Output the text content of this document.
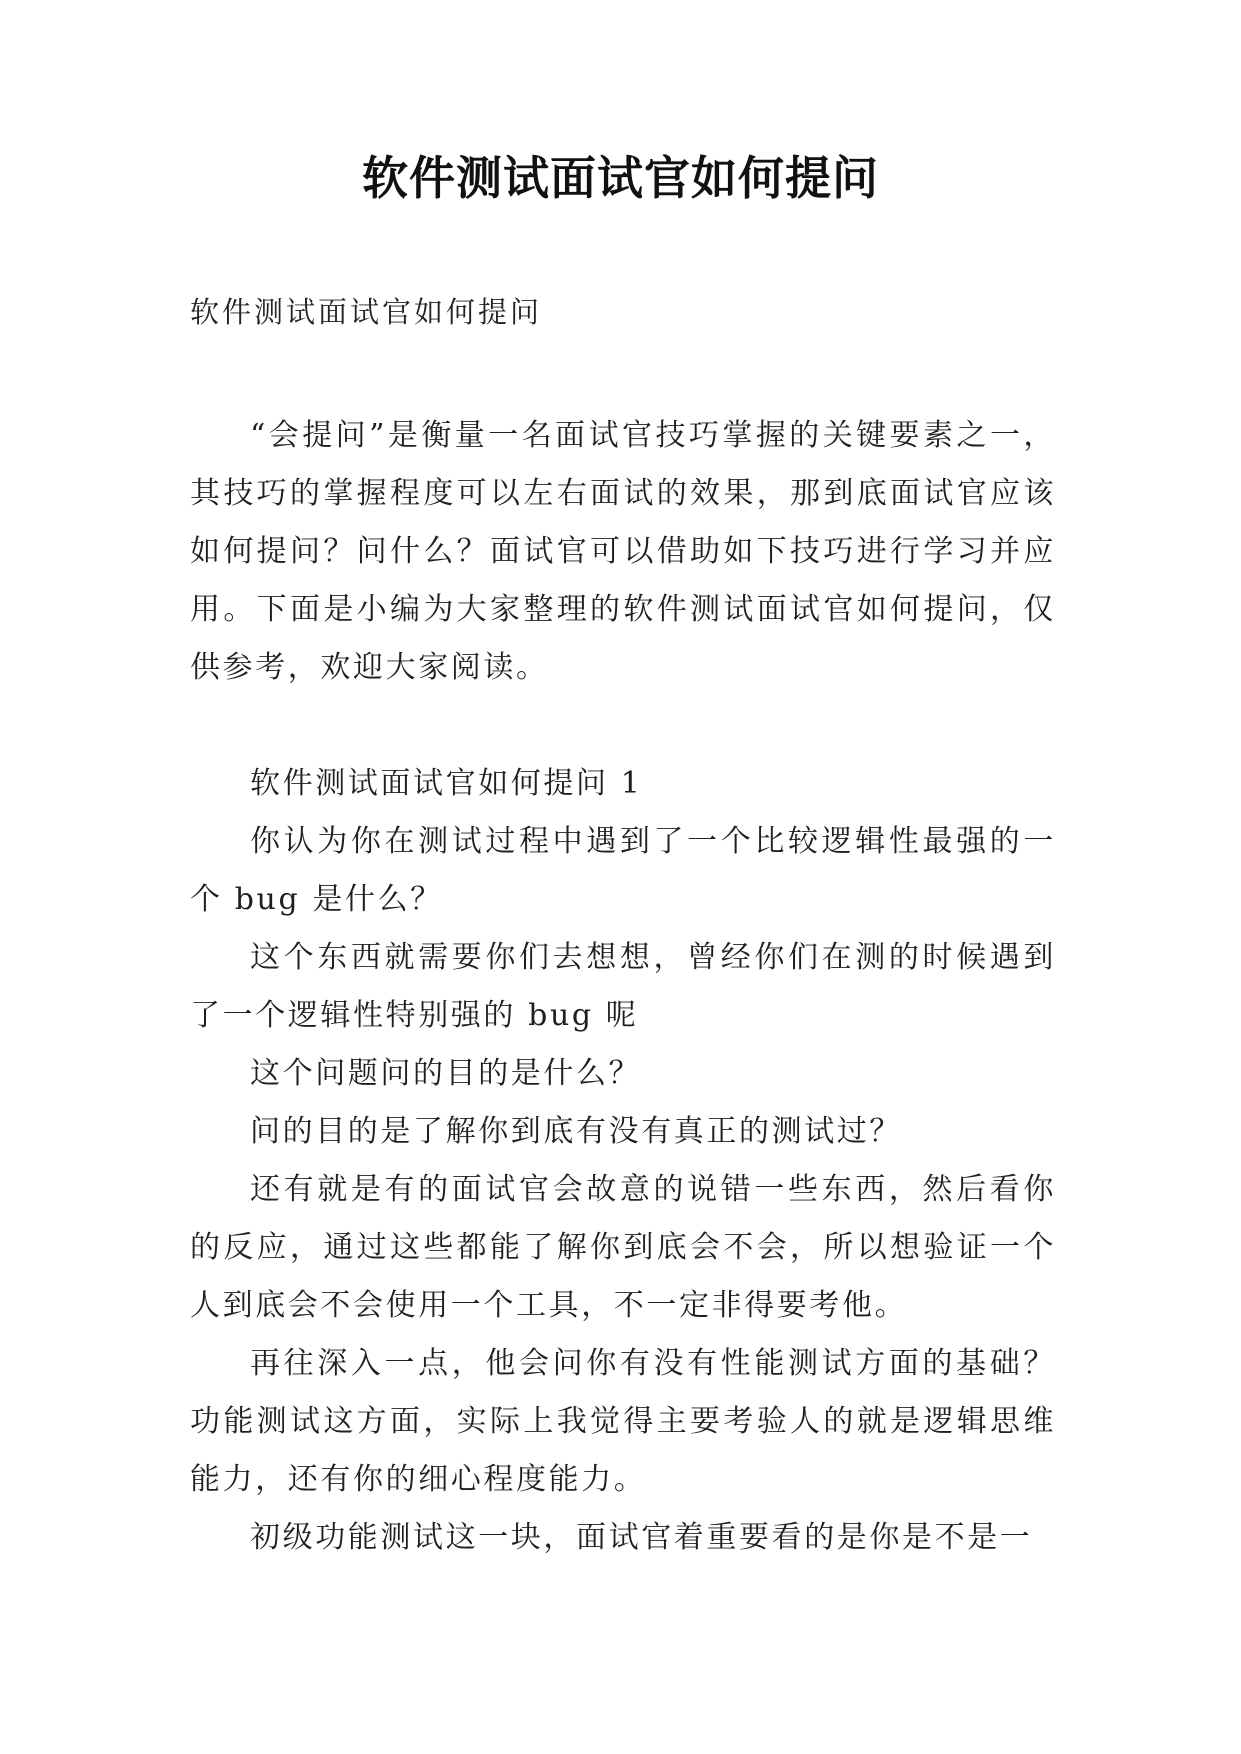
软件测试面试官如何提问
软件测试面试官如何提问

“会提问”是衡量一名面试官技巧掌握的关键要素之一，其技巧的掌握程度可以左右面试的效果，那到底面试官应该如何提问？问什么？面试官可以借助如下技巧进行学习并应用。下面是小编为大家整理的软件测试面试官如何提问，仅供参考，欢迎大家阅读。

软件测试面试官如何提问 1

你认为你在测试过程中遇到了一个比较逻辑性最强的一个 bug 是什么？

这个东西就需要你们去想想，曾经你们在测的时候遇到了一个逻辑性特别强的 bug 呢

这个问题问的目的是什么？

问的目的是了解你到底有没有真正的测试过？

还有就是有的面试官会故意的说错一些东西，然后看你的反应，通过这些都能了解你到底会不会，所以想验证一个人到底会不会使用一个工具，不一定非得要考他。

再往深入一点，他会问你有没有性能测试方面的基础？功能测试这方面，实际上我觉得主要考验人的就是逻辑思维能力，还有你的细心程度能力。

初级功能测试这一块，面试官着重要看的是你是不是一
